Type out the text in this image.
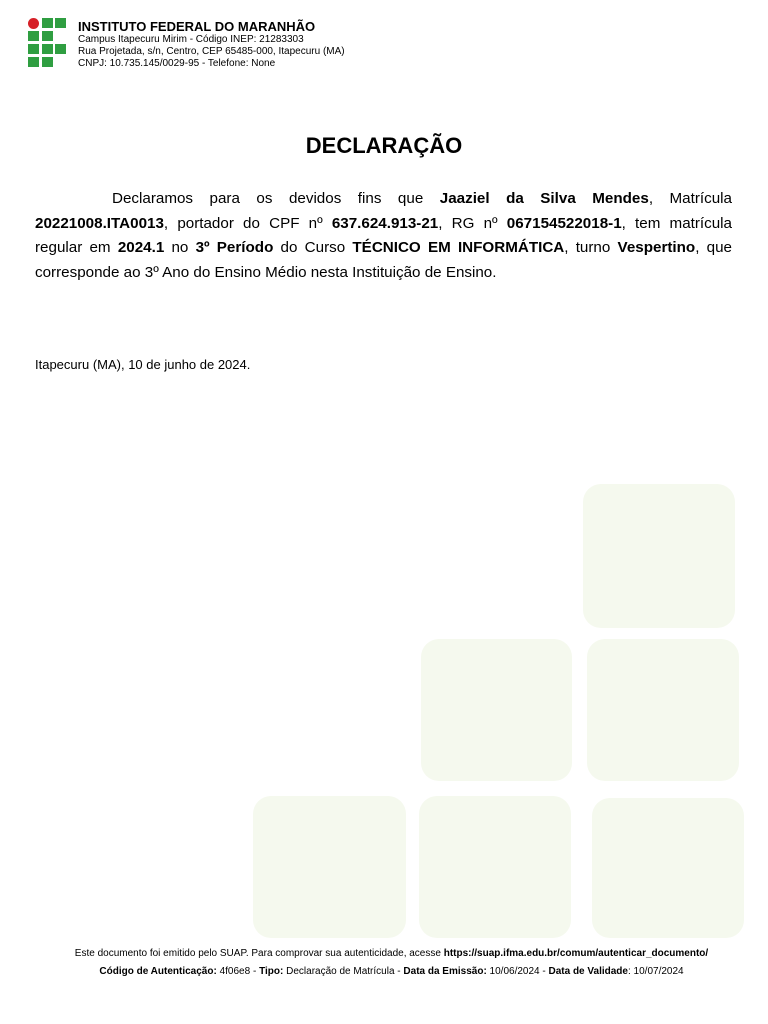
INSTITUTO FEDERAL DO MARANHÃO
Campus Itapecuru Mirim - Código INEP: 21283303
Rua Projetada, s/n, Centro, CEP 65485-000, Itapecuru (MA)
CNPJ: 10.735.145/0029-95 - Telefone: None
DECLARAÇÃO

Declaramos para os devidos fins que Jaaziel da Silva Mendes, Matrícula 20221008.ITA0013, portador do CPF nº 637.624.913-21, RG nº 067154522018-1, tem matrícula regular em 2024.1 no 3º Período do Curso TÉCNICO EM INFORMÁTICA, turno Vespertino, que corresponde ao 3º Ano do Ensino Médio nesta Instituição de Ensino.

Itapecuru (MA), 10 de junho de 2024.
Este documento foi emitido pelo SUAP. Para comprovar sua autenticidade, acesse https://suap.ifma.edu.br/comum/autenticar_documento/
Código de Autenticação: 4f06e8 - Tipo: Declaração de Matrícula - Data da Emissão: 10/06/2024 - Data de Validade: 10/07/2024
